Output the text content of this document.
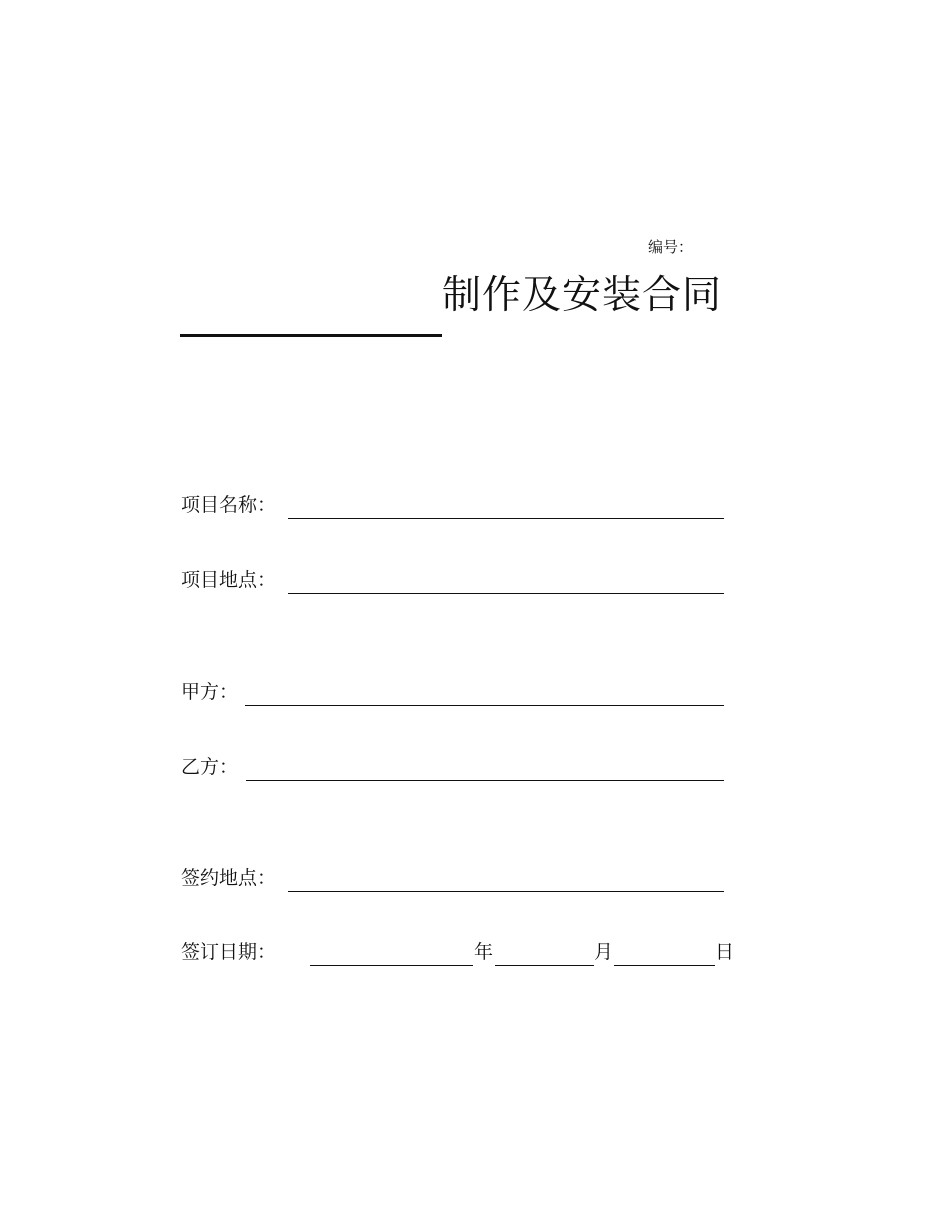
编号：
制作及安装合同
项目名称：
项目地点：
甲方：
乙方：
签约地点：
签订日期：	年	月	日
